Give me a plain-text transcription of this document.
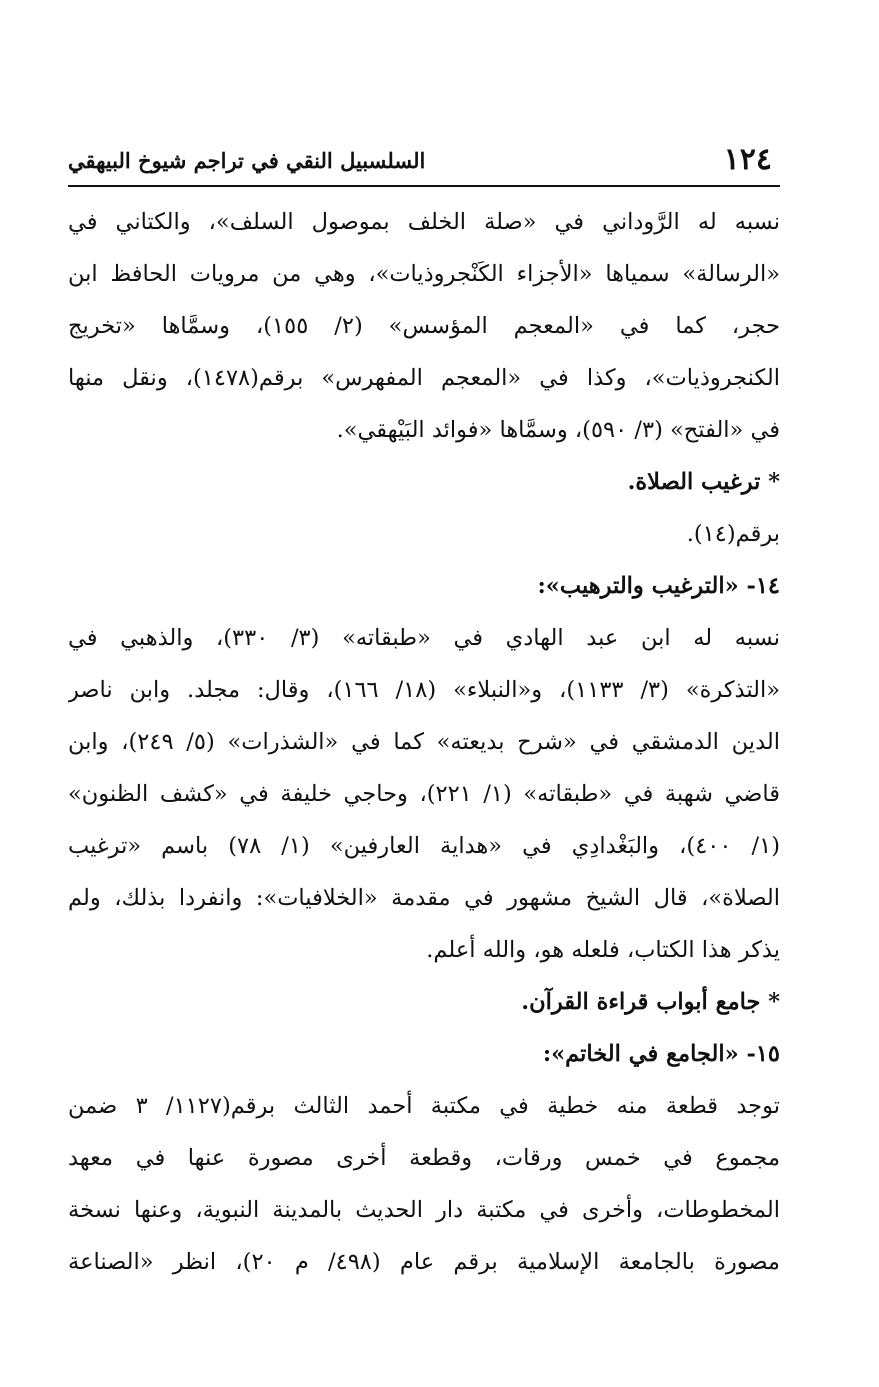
١٢٤
السلسبيل النقي في تراجم شيوخ البيهقي
نسبه له الرَّوداني في «صلة الخلف بموصول السلف»، والكتاني في
«الرسالة» سمياها «الأجزاء الكَنْجروذيات»، وهي من مرويات الحافظ ابن
حجر، كما في «المعجم المؤسس» (٢/ ١٥٥)، وسمَّاها «تخريج
الكنجروذيات»، وكذا في «المعجم المفهرس» برقم(١٤٧٨)، ونقل منها
في «الفتح» (٣/ ٥٩٠)، وسمَّاها «فوائد البَيْهقي».
* ترغيب الصلاة.
برقم(١٤).
١٤- «الترغيب والترهيب»:
نسبه له ابن عبد الهادي في «طبقاته» (٣/ ٣٣٠)، والذهبي في
«التذكرة» (٣/ ١١٣٣)، و«النبلاء» (١٨/ ١٦٦)، وقال: مجلد. وابن ناصر
الدين الدمشقي في «شرح بديعته» كما في «الشذرات» (٥/ ٢٤٩)، وابن
قاضي شهبة في «طبقاته» (١/ ٢٢١)، وحاجي خليفة في «كشف الظنون»
(١/ ٤٠٠)، والبَغْدادِي في «هداية العارفين» (١/ ٧٨) باسم «ترغيب
الصلاة»، قال الشيخ مشهور في مقدمة «الخلافيات»: وانفردا بذلك، ولم
يذكر هذا الكتاب، فلعله هو، والله أعلم.
* جامع أبواب قراءة القرآن.
١٥- «الجامع في الخاتم»:
توجد قطعة منه خطية في مكتبة أحمد الثالث برقم(١١٢٧/ ٣ ضمن
مجموع في خمس ورقات، وقطعة أخرى مصورة عنها في معهد
المخطوطات، وأخرى في مكتبة دار الحديث بالمدينة النبوية، وعنها نسخة
مصورة بالجامعة الإسلامية برقم عام (٤٩٨/ م ٢٠)، انظر «الصناعة
